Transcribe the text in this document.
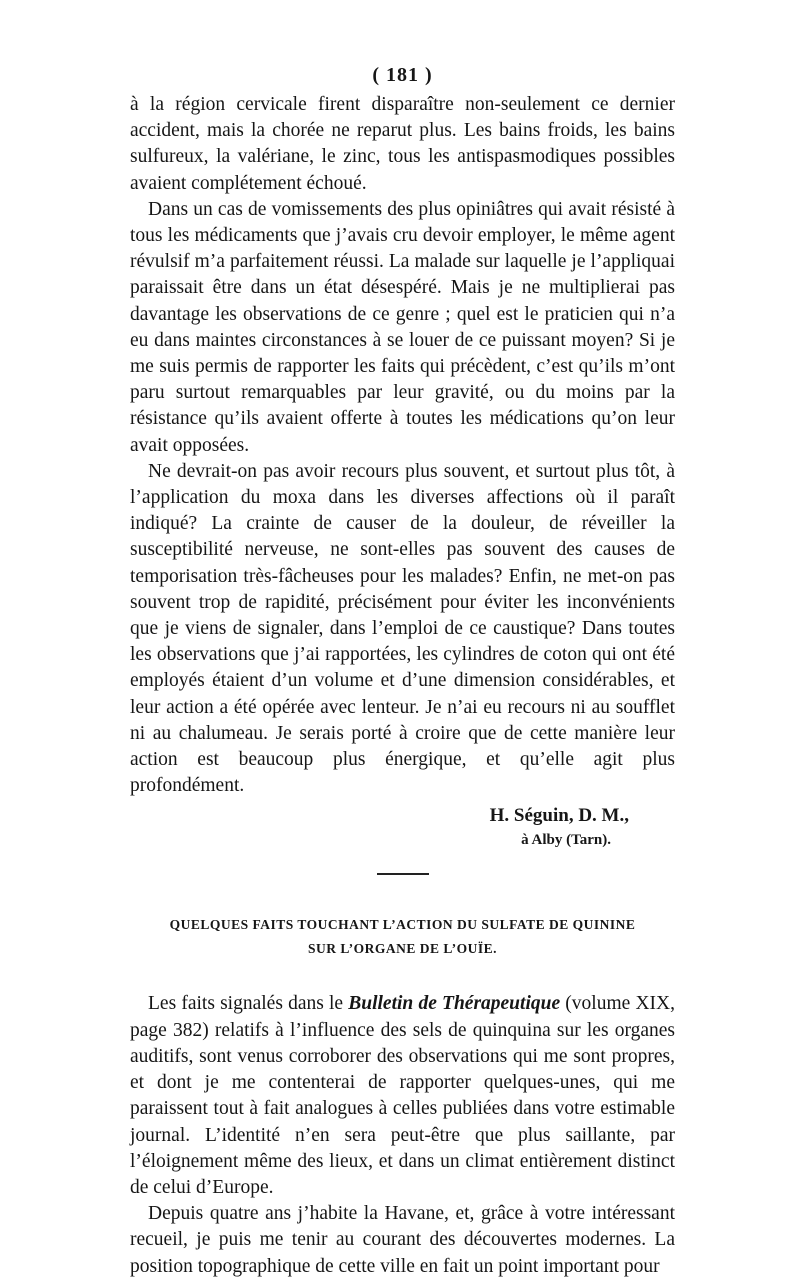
( 181 )

à la région cervicale firent disparaître non-seulement ce dernier accident, mais la chorée ne reparut plus. Les bains froids, les bains sulfureux, la valériane, le zinc, tous les antispasmodiques possibles avaient complétement échoué.

Dans un cas de vomissements des plus opiniâtres qui avait résisté à tous les médicaments que j’avais cru devoir employer, le même agent révulsif m’a parfaitement réussi. La malade sur laquelle je l’appliquai paraissait être dans un état désespéré. Mais je ne multiplierai pas davantage les observations de ce genre ; quel est le praticien qui n’a eu dans maintes circonstances à se louer de ce puissant moyen? Si je me suis permis de rapporter les faits qui précèdent, c’est qu’ils m’ont paru surtout remarquables par leur gravité, ou du moins par la résistance qu’ils avaient offerte à toutes les médications qu’on leur avait opposées.

Ne devrait-on pas avoir recours plus souvent, et surtout plus tôt, à l’application du moxa dans les diverses affections où il paraît indiqué? La crainte de causer de la douleur, de réveiller la susceptibilité nerveuse, ne sont-elles pas souvent des causes de temporisation très-fâcheuses pour les malades? Enfin, ne met-on pas souvent trop de rapidité, précisément pour éviter les inconvénients que je viens de signaler, dans l’emploi de ce caustique? Dans toutes les observations que j’ai rapportées, les cylindres de coton qui ont été employés étaient d’un volume et d’une dimension considérables, et leur action a été opérée avec lenteur. Je n’ai eu recours ni au soufflet ni au chalumeau. Je serais porté à croire que de cette manière leur action est beaucoup plus énergique, et qu’elle agit plus profondément.

H. Séguin, D. M.,
à Alby (Tarn).
QUELQUES FAITS TOUCHANT L’ACTION DU SULFATE DE QUININE
SUR L’ORGANE DE L’OUÏE.

Les faits signalés dans le Bulletin de Thérapeutique (volume XIX, page 382) relatifs à l’influence des sels de quinquina sur les organes auditifs, sont venus corroborer des observations qui me sont propres, et dont je me contenterai de rapporter quelques-unes, qui me paraissent tout à fait analogues à celles publiées dans votre estimable journal. L’identité n’en sera peut-être que plus saillante, par l’éloignement même des lieux, et dans un climat entièrement distinct de celui d’Europe.

Depuis quatre ans j’habite la Havane, et, grâce à votre intéressant recueil, je puis me tenir au courant des découvertes modernes. La position topographique de cette ville en fait un point important pour
